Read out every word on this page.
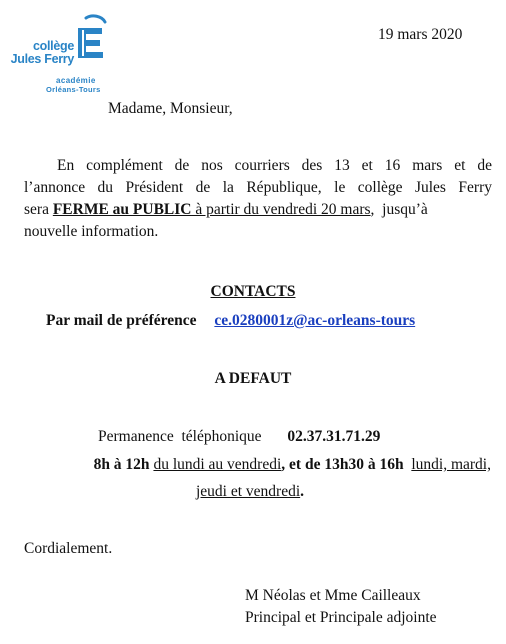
collège
Jules Ferry
académie
Orléans-Tours
19 mars 2020
Madame, Monsieur,
En complément de nos courriers des 13 et 16 mars et de
l’annonce du Président de la République, le collège Jules Ferry
sera FERME au PUBLIC à partir du vendredi 20 mars,  jusqu’à
nouvelle information.
CONTACTS
Par mail de préférence ce.0280001z@ac-orleans-tours
A DEFAUT
Permanence  téléphonique 02.37.31.71.29
8h à 12h du lundi au vendredi, et de 13h30 à 16h lundi, mardi,
jeudi et vendredi.
Cordialement.
M Néolas et Mme Cailleaux
Principal et Principale adjointe
